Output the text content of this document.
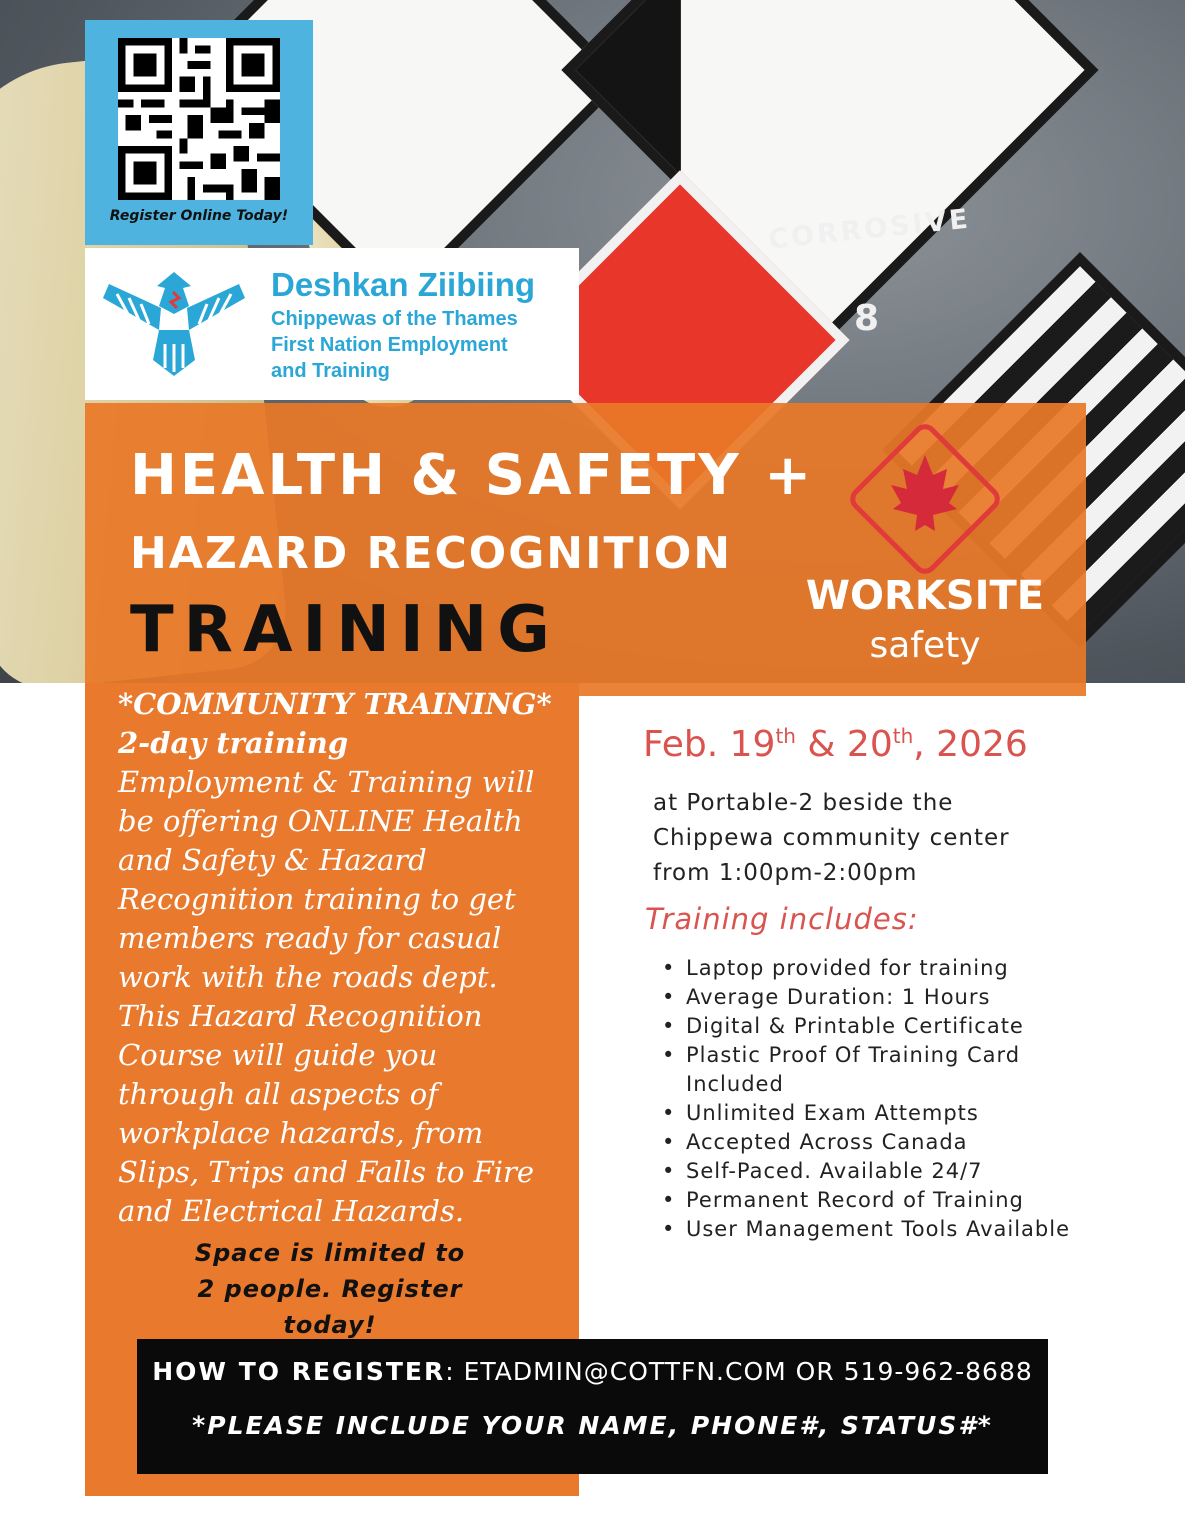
CORROSIVE
8
Register Online Today!
Deshkan Ziibiing
Chippewas of the Thames
First Nation Employment
and Training
HEALTH & SAFETY +
HAZARD RECOGNITION
TRAINING	WORKSITE
safety
*COMMUNITY TRAINING*
2-day training
Employment & Training will be offering ONLINE Health and Safety & Hazard Recognition training to get members ready for casual work with the roads dept. This Hazard Recognition Course will guide you through all aspects of workplace hazards, from Slips, Trips and Falls to Fire and Electrical Hazards.
Space is limited to
2 people. Register
today!
Feb. 19th & 20th, 2026
at Portable-2 beside the
Chippewa community center
from 1:00pm-2:00pm
Training includes:
• Laptop provided for training
• Average Duration: 1 Hours
• Digital & Printable Certificate
• Plastic Proof Of Training Card Included
• Unlimited Exam Attempts
• Accepted Across Canada
• Self-Paced. Available 24/7
• Permanent Record of Training
• User Management Tools Available
HOW TO REGISTER: ETADMIN@COTTFN.COM OR 519-962-8688
*PLEASE INCLUDE YOUR NAME, PHONE#, STATUS#*
